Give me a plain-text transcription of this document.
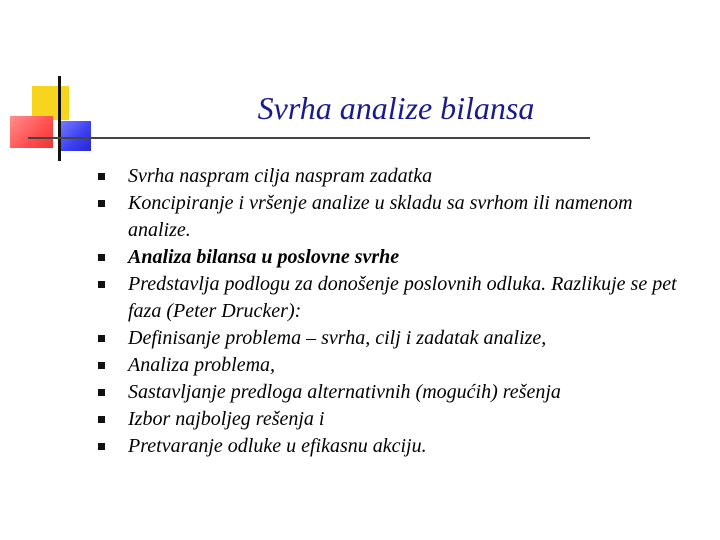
Svrha analize bilansa
Svrha naspram cilja naspram zadatka
Koncipiranje i vršenje analize u skladu sa svrhom ili namenom analize.
Analiza bilansa u poslovne svrhe
Predstavlja podlogu za donošenje poslovnih odluka. Razlikuje se pet faza (Peter Drucker):
Definisanje problema – svrha, cilj i zadatak analize,
Analiza problema,
Sastavljanje predloga alternativnih (mogućih) rešenja
Izbor najboljeg rešenja i
Pretvaranje odluke u efikasnu akciju.
